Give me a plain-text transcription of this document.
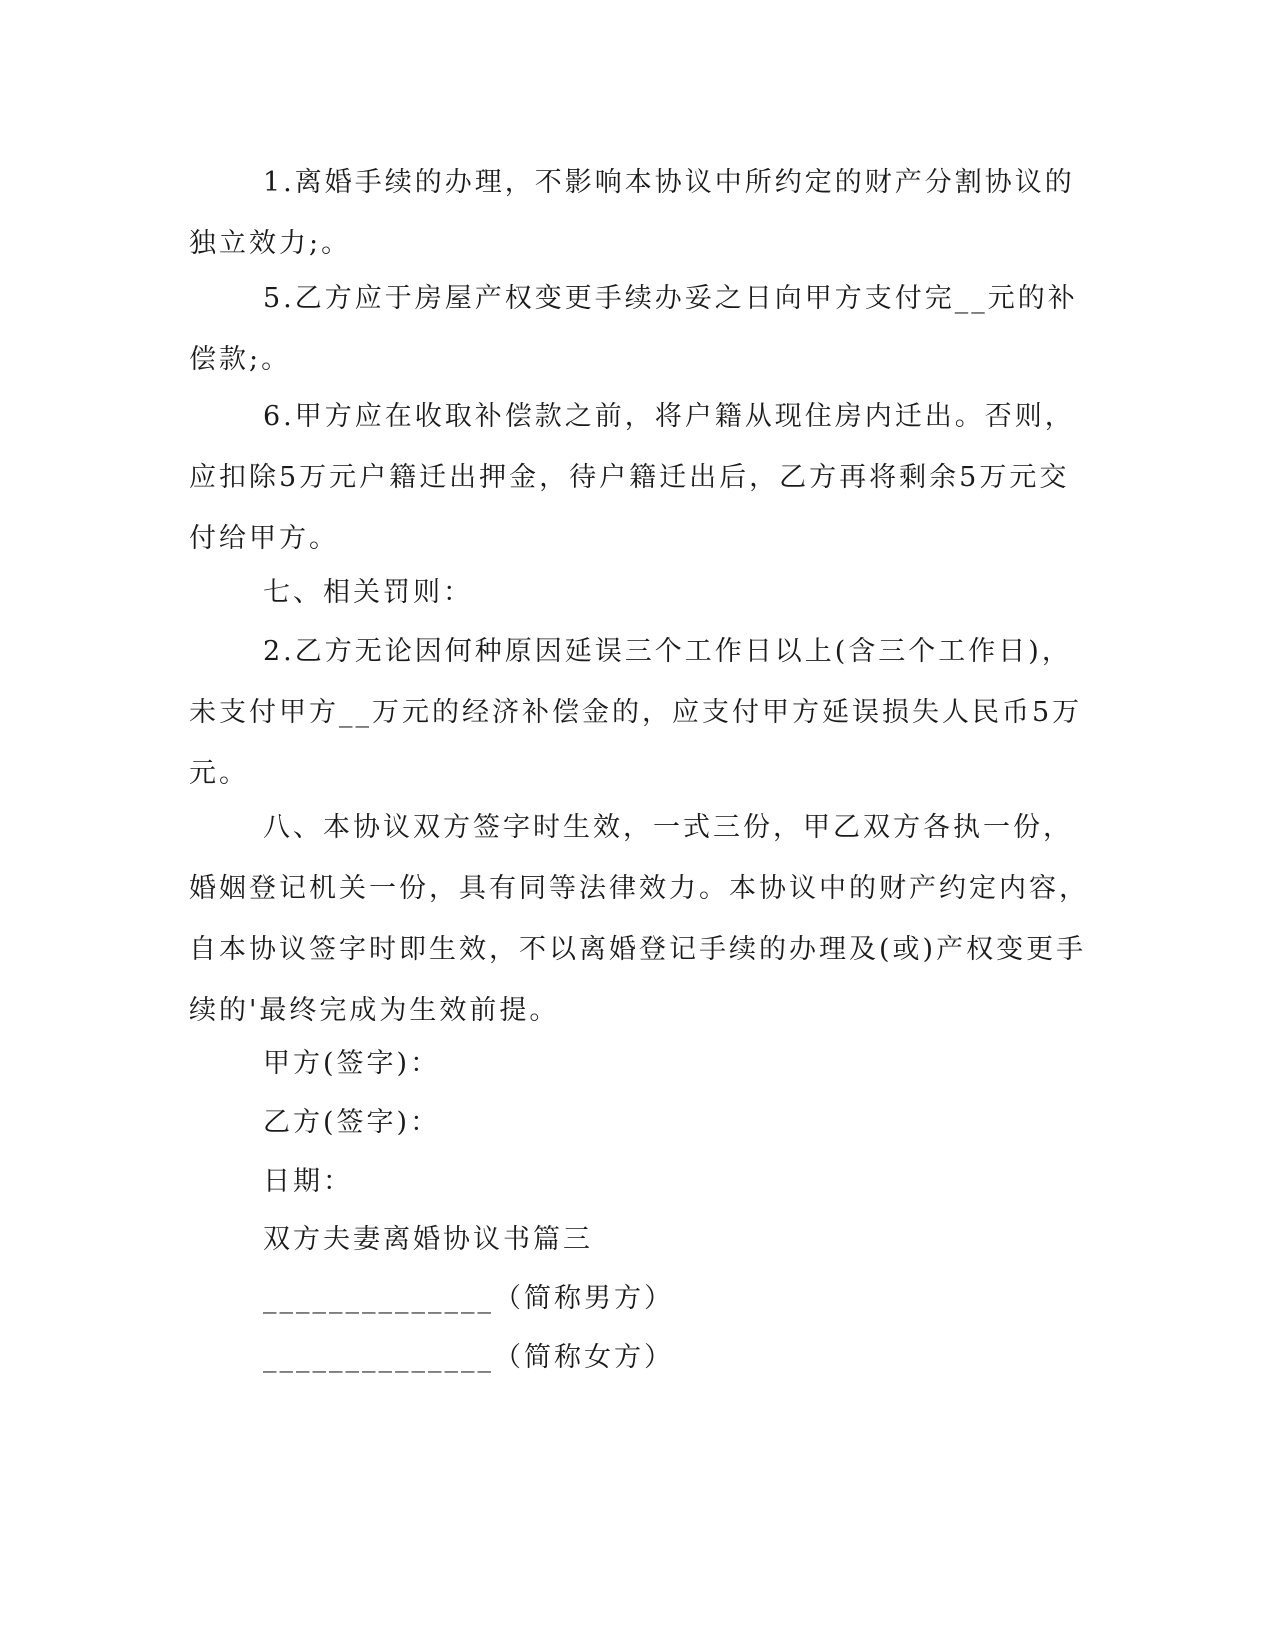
1.离婚手续的办理，不影响本协议中所约定的财产分割协议的独立效力;。

5.乙方应于房屋产权变更手续办妥之日向甲方支付完__元的补偿款;。

6.甲方应在收取补偿款之前，将户籍从现住房内迁出。否则，应扣除5万元户籍迁出押金，待户籍迁出后，乙方再将剩余5万元交付给甲方。

七、相关罚则：

2.乙方无论因何种原因延误三个工作日以上(含三个工作日)，未支付甲方__万元的经济补偿金的，应支付甲方延误损失人民币5万元。

八、本协议双方签字时生效，一式三份，甲乙双方各执一份，婚姻登记机关一份，具有同等法律效力。本协议中的财产约定内容，自本协议签字时即生效，不以离婚登记手续的办理及(或)产权变更手续的'最终完成为生效前提。

甲方(签字)：

乙方(签字)：

日期：

双方夫妻离婚协议书篇三

______________（简称男方）

______________（简称女方）
